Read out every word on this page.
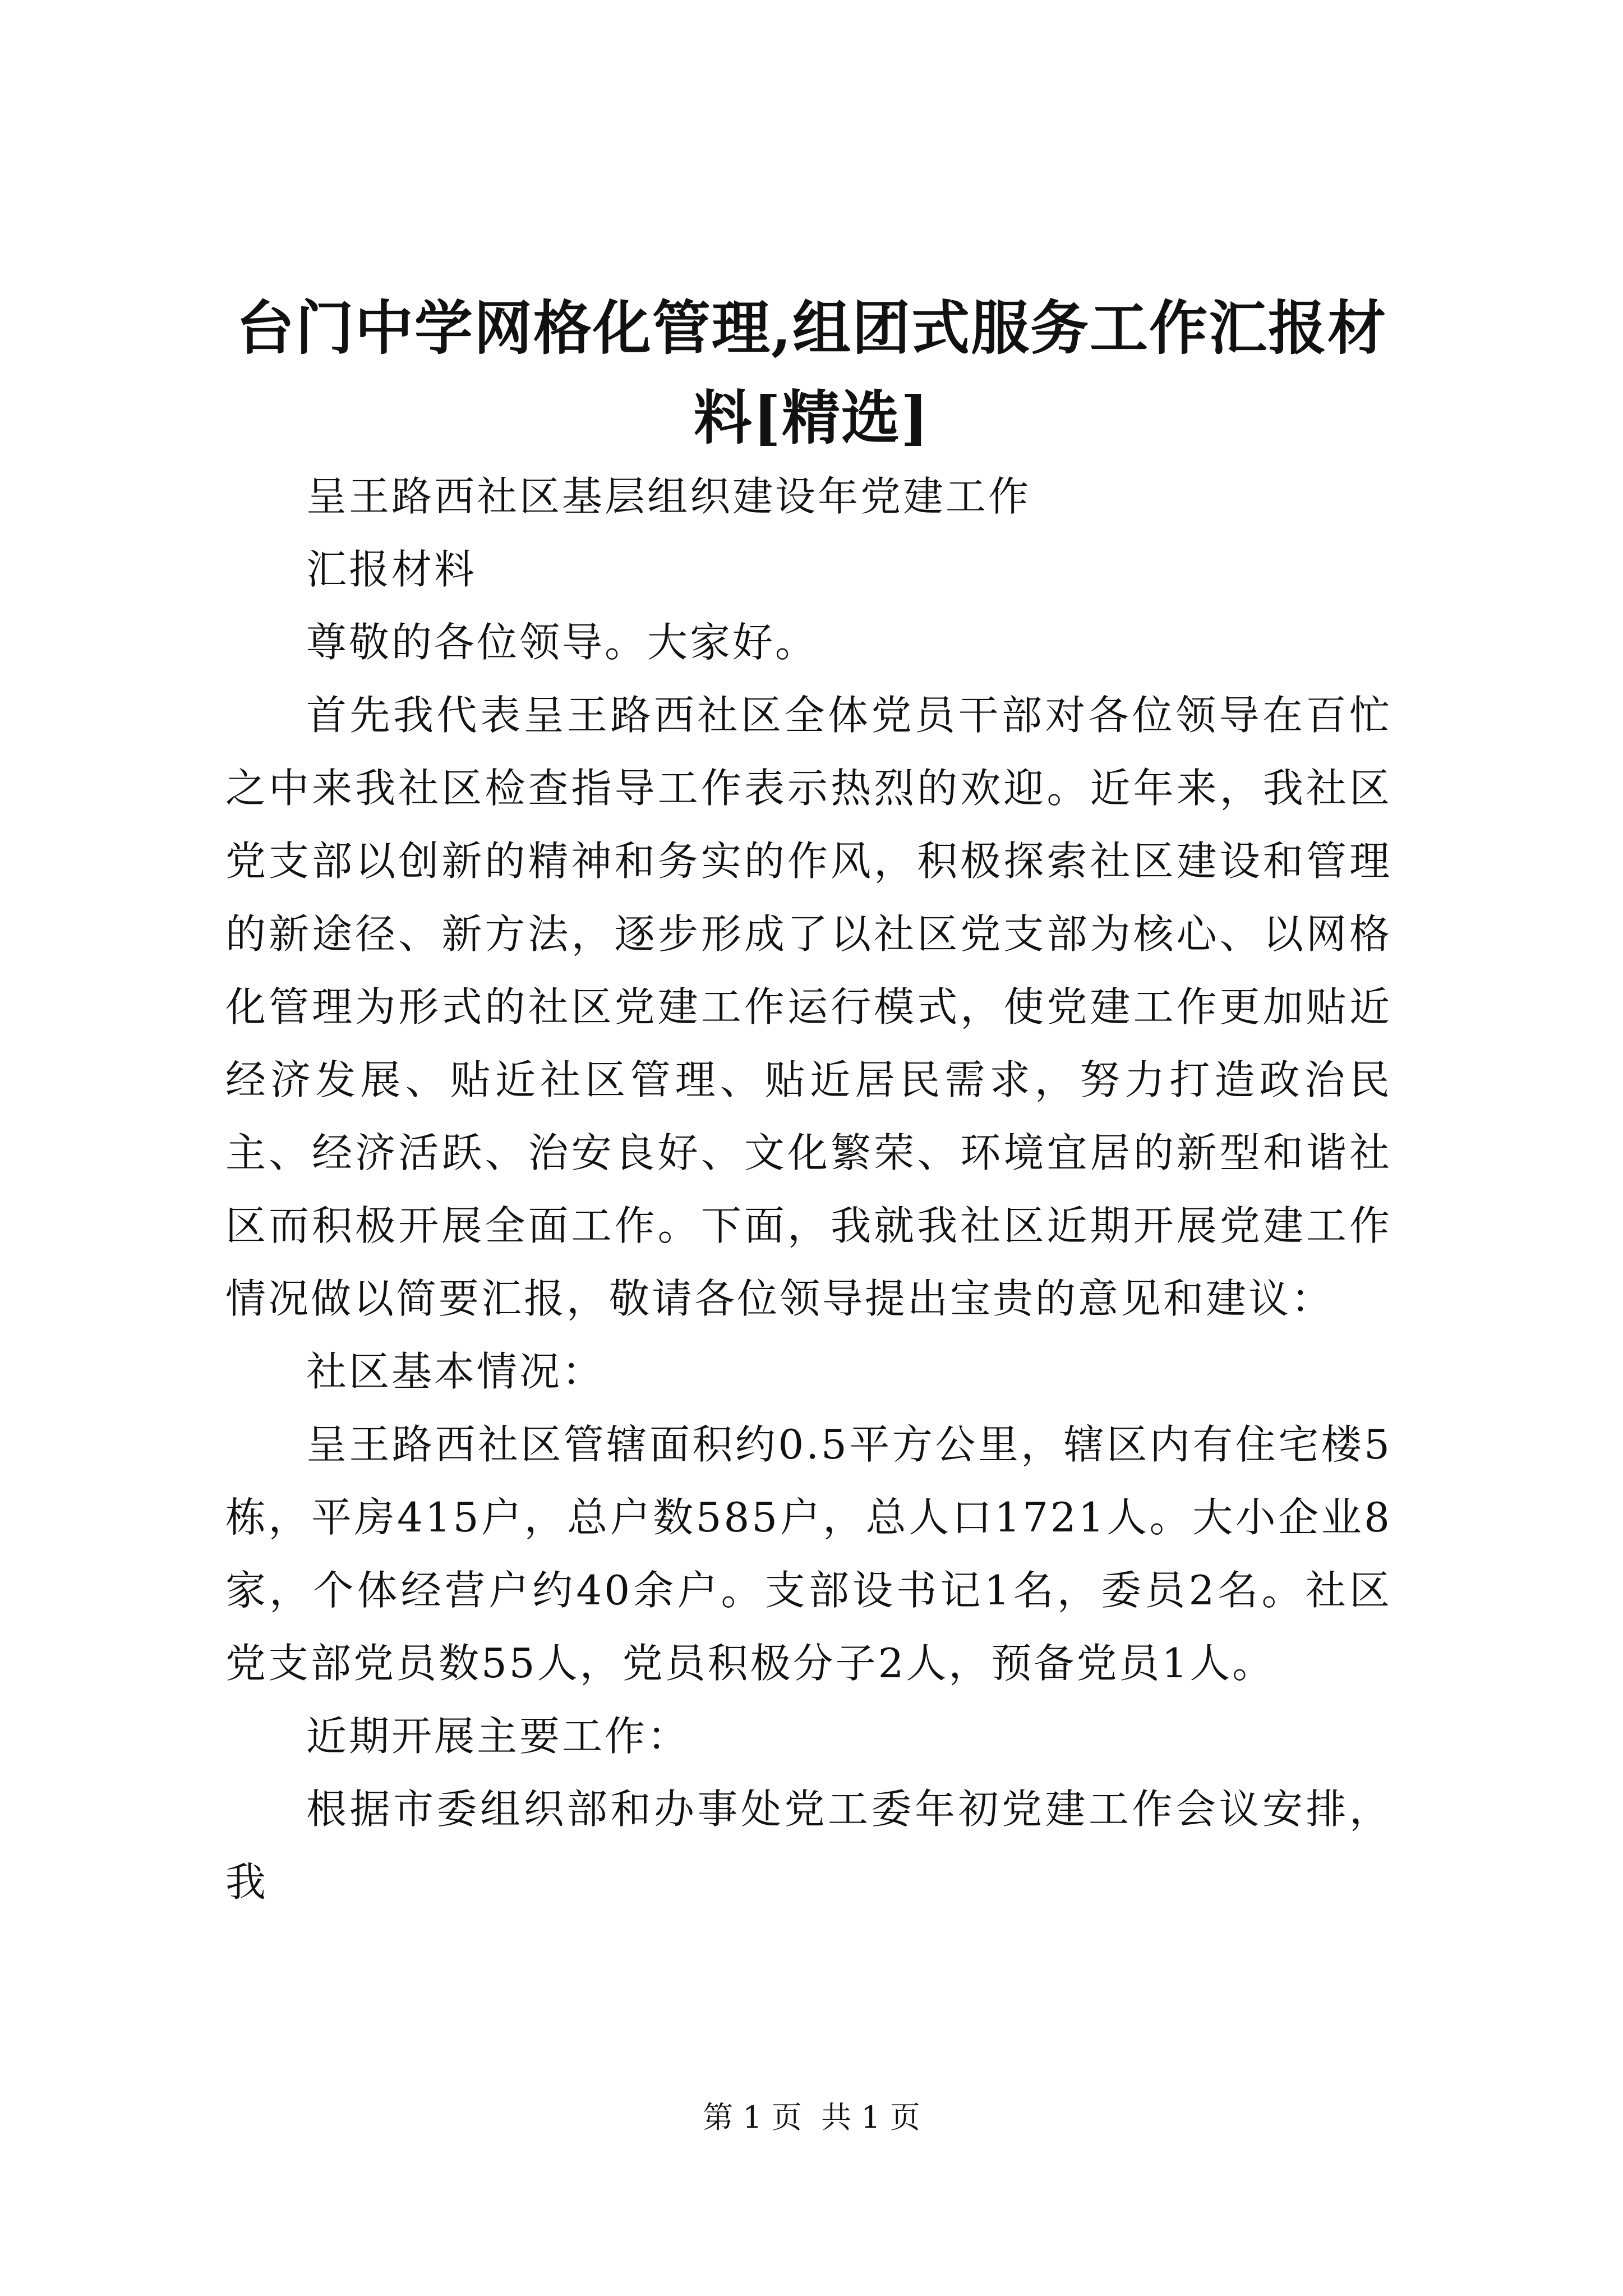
台门中学网格化管理,组团式服务工作汇报材料[精选]

呈王路西社区基层组织建设年党建工作

汇报材料

尊敬的各位领导。大家好。

首先我代表呈王路西社区全体党员干部对各位领导在百忙之中来我社区检查指导工作表示热烈的欢迎。近年来，我社区党支部以创新的精神和务实的作风，积极探索社区建设和管理的新途径、新方法，逐步形成了以社区党支部为核心、以网格化管理为形式的社区党建工作运行模式，使党建工作更加贴近经济发展、贴近社区管理、贴近居民需求，努力打造政治民主、经济活跃、治安良好、文化繁荣、环境宜居的新型和谐社区而积极开展全面工作。下面，我就我社区近期开展党建工作情况做以简要汇报，敬请各位领导提出宝贵的意见和建议：

社区基本情况：

呈王路西社区管辖面积约0.5平方公里，辖区内有住宅楼5栋，平房415户，总户数585户，总人口1721人。大小企业8家，个体经营户约40余户。支部设书记1名，委员2名。社区党支部党员数55人，党员积极分子2人，预备党员1人。

近期开展主要工作：

根据市委组织部和办事处党工委年初党建工作会议安排，我

第 1 页  共 1 页
